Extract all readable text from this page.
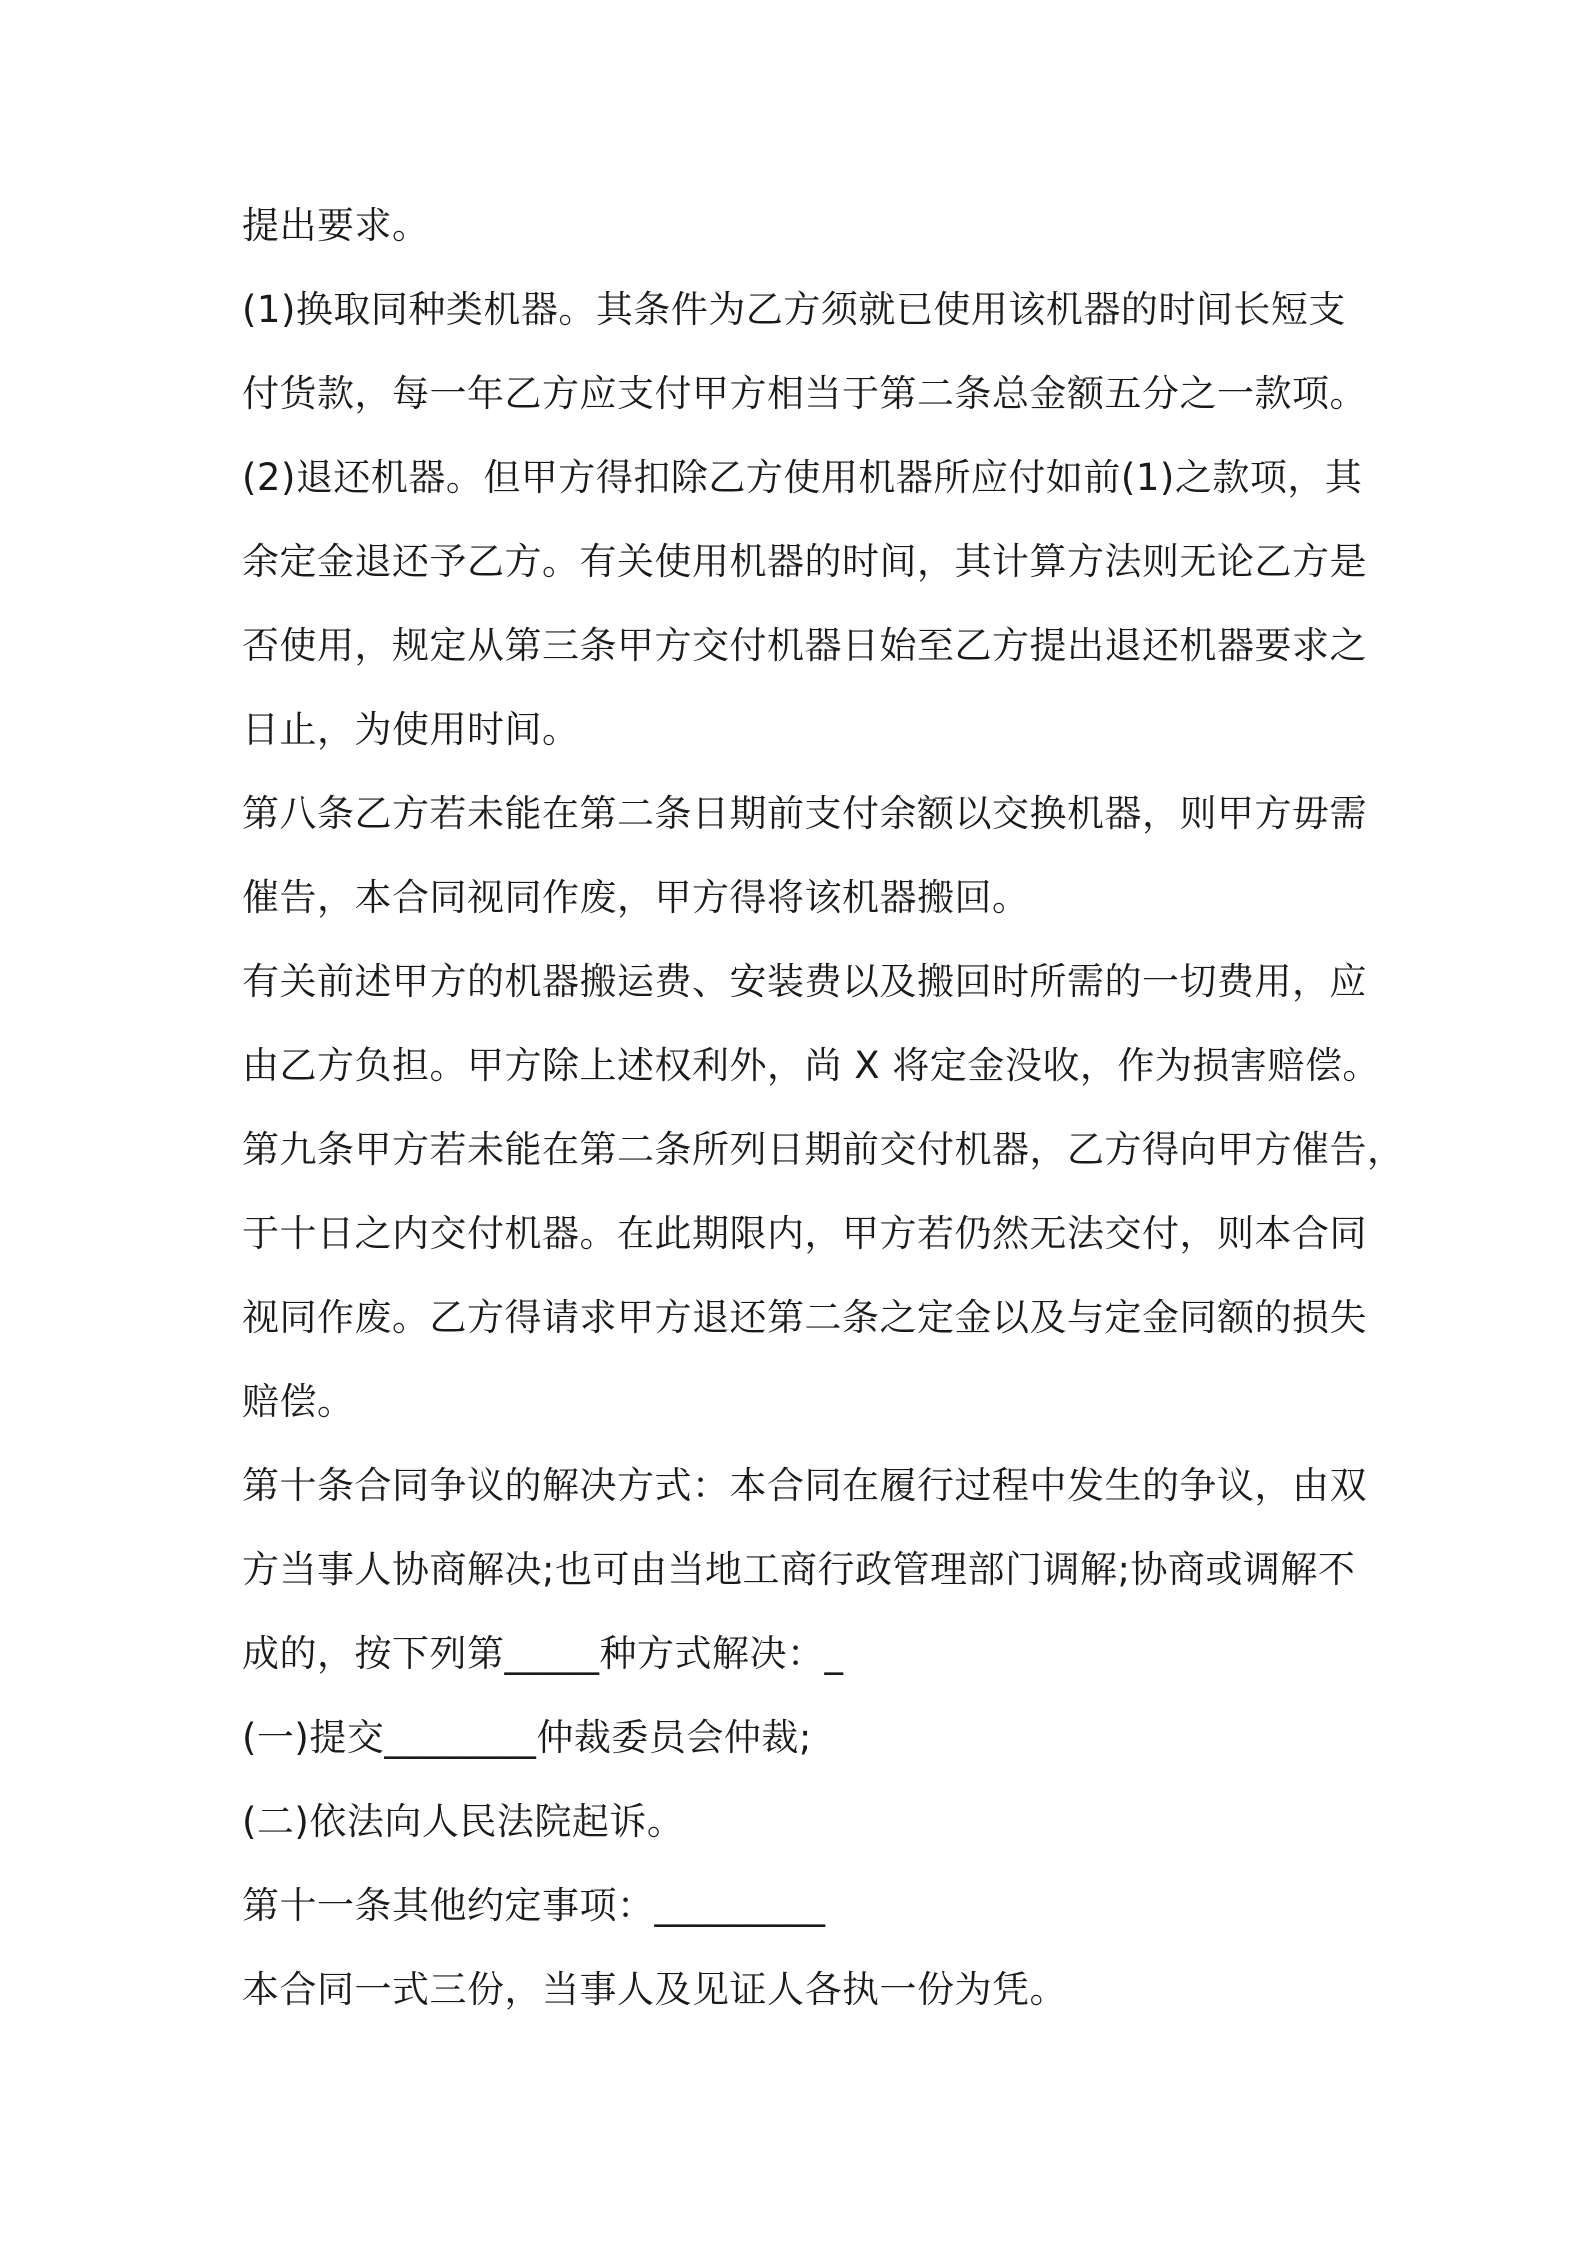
提出要求。
(1)换取同种类机器。其条件为乙方须就已使用该机器的时间长短支
付货款，每一年乙方应支付甲方相当于第二条总金额五分之一款项。
(2)退还机器。但甲方得扣除乙方使用机器所应付如前(1)之款项，其
余定金退还予乙方。有关使用机器的时间，其计算方法则无论乙方是
否使用，规定从第三条甲方交付机器日始至乙方提出退还机器要求之
日止，为使用时间。
第八条乙方若未能在第二条日期前支付余额以交换机器，则甲方毋需
催告，本合同视同作废，甲方得将该机器搬回。
有关前述甲方的机器搬运费、安装费以及搬回时所需的一切费用，应
由乙方负担。甲方除上述权利外，尚 X 将定金没收，作为损害赔偿。
第九条甲方若未能在第二条所列日期前交付机器，乙方得向甲方催告，
于十日之内交付机器。在此期限内，甲方若仍然无法交付，则本合同
视同作废。乙方得请求甲方退还第二条之定金以及与定金同额的损失
赔偿。
第十条合同争议的解决方式：本合同在履行过程中发生的争议，由双
方当事人协商解决;也可由当地工商行政管理部门调解;协商或调解不
成的，按下列第_____种方式解决：_
(一)提交________仲裁委员会仲裁;
(二)依法向人民法院起诉。
第十一条其他约定事项：_________
本合同一式三份，当事人及见证人各执一份为凭。
